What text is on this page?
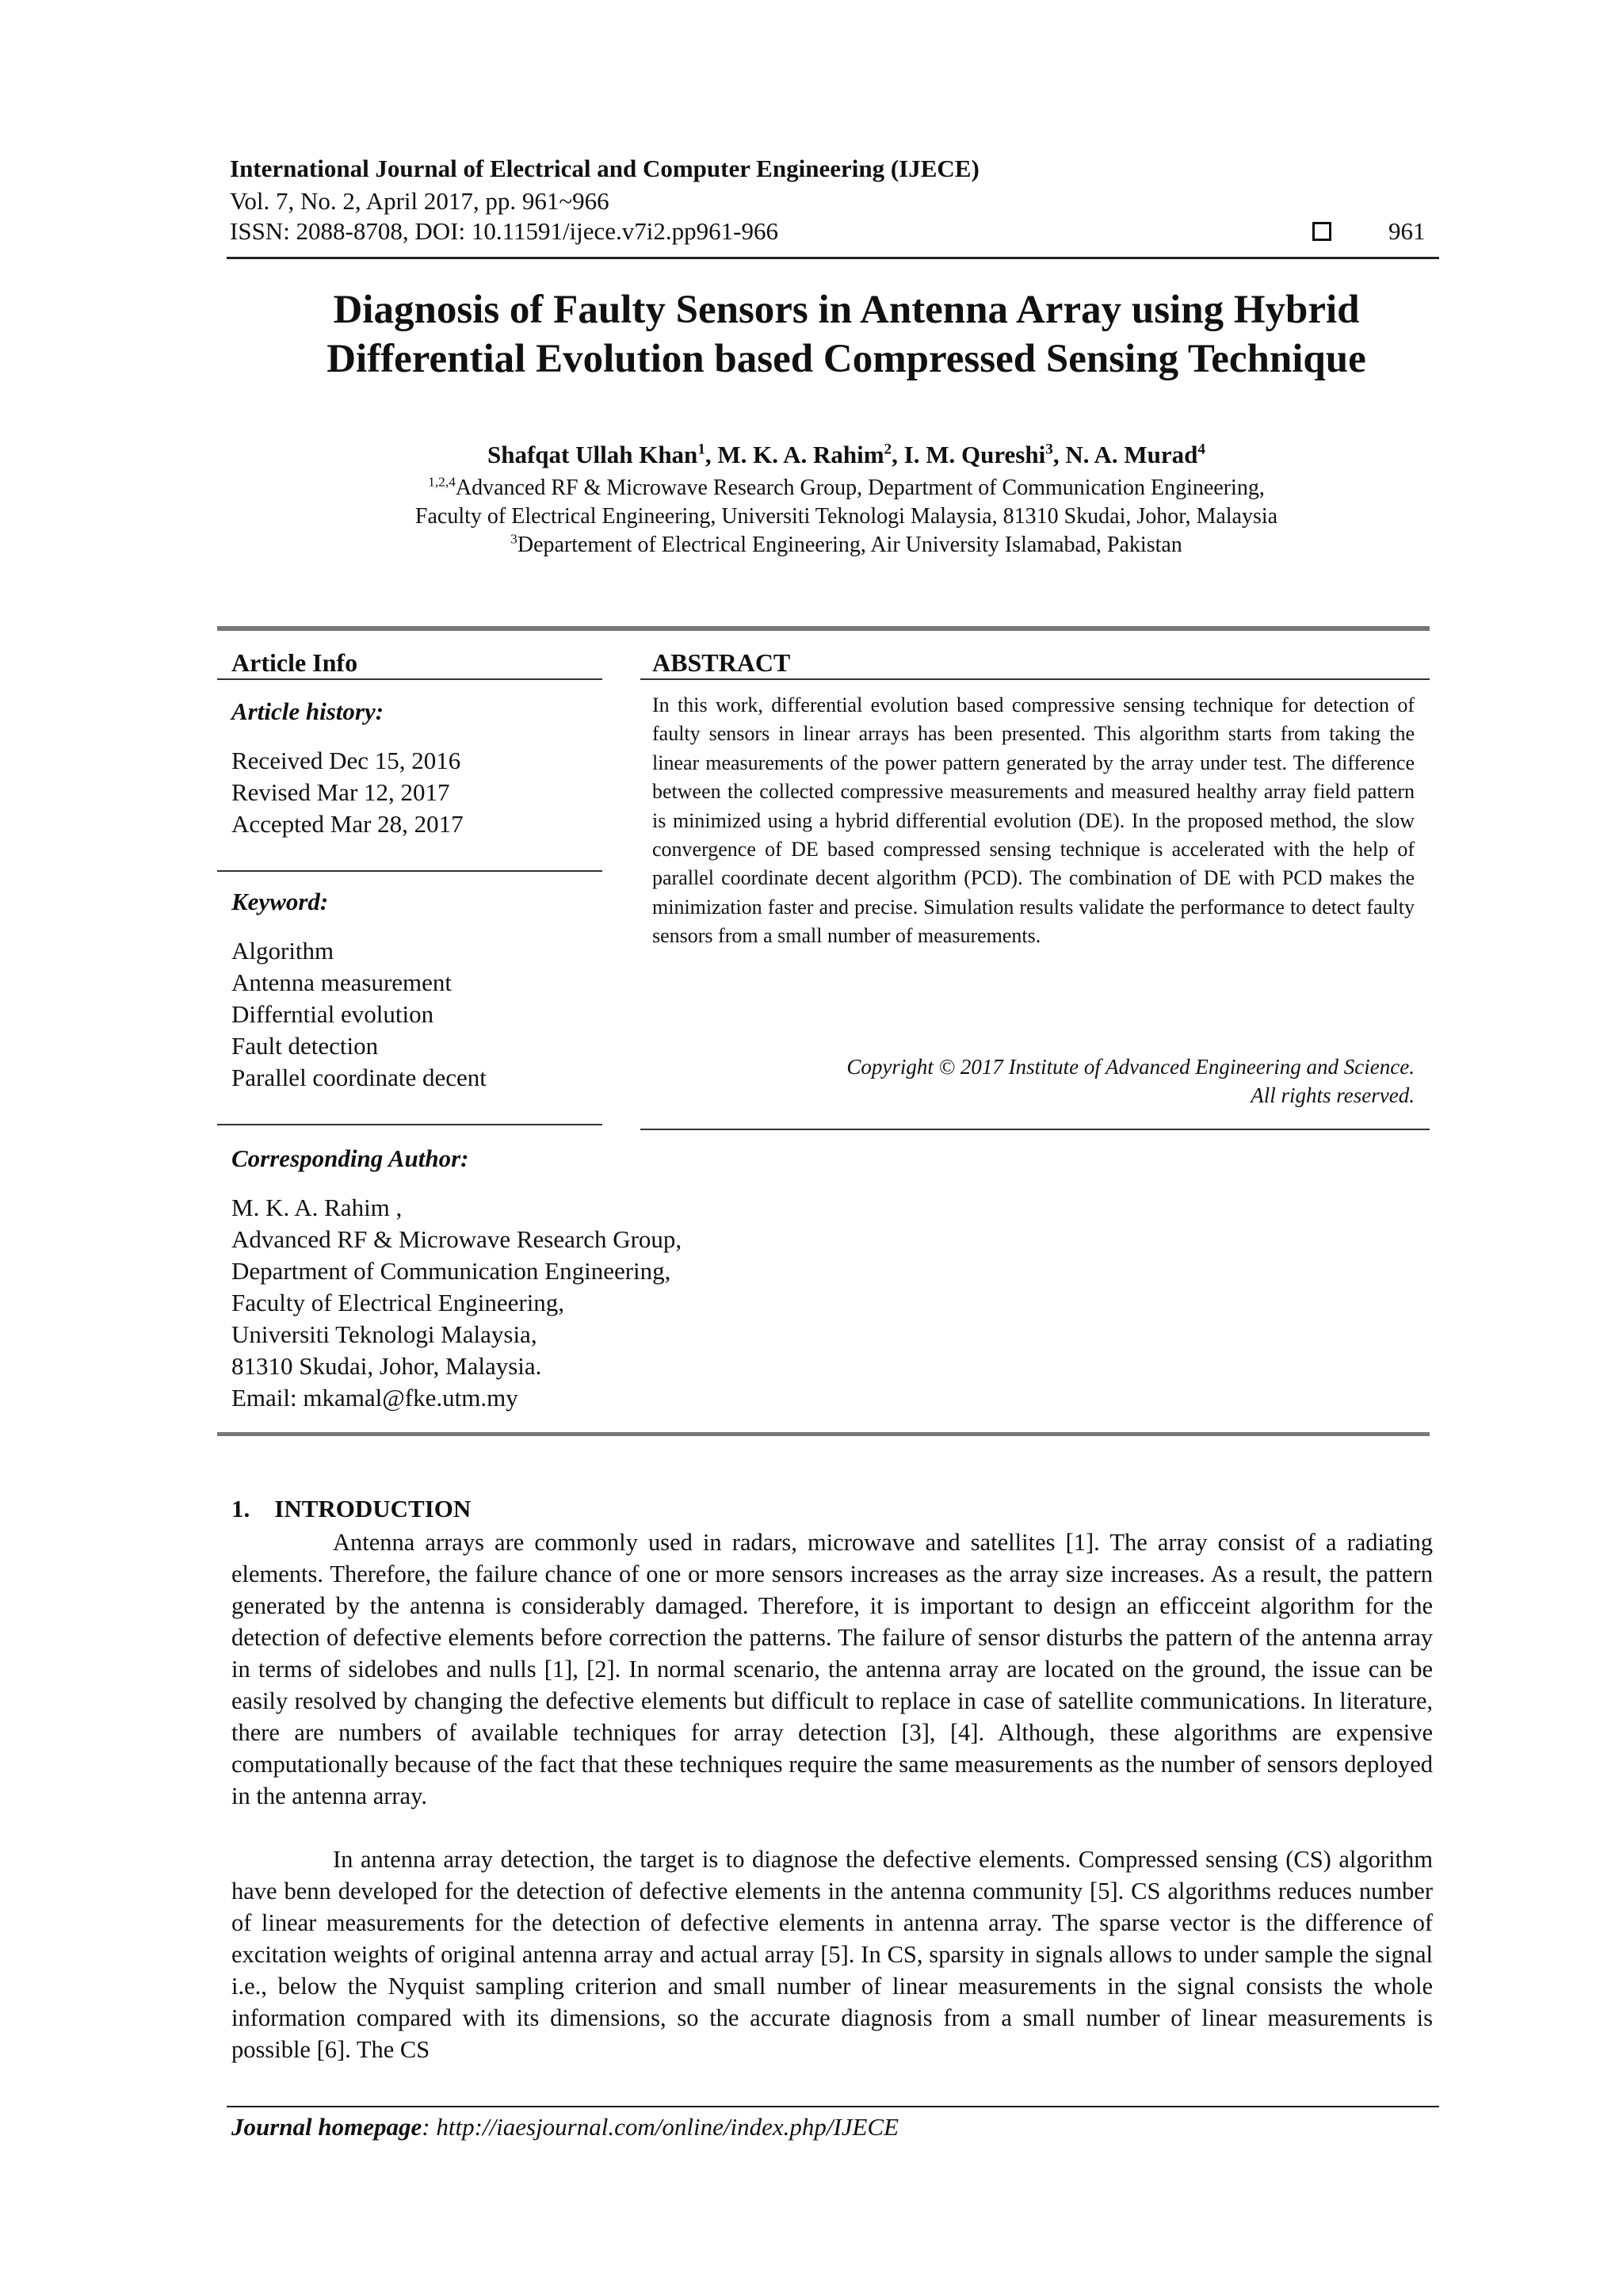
International Journal of Electrical and Computer Engineering (IJECE)
Vol. 7, No. 2, April 2017, pp. 961~966
ISSN: 2088-8708, DOI: 10.11591/ijece.v7i2.pp961-966	961
Diagnosis of Faulty Sensors in Antenna Array using Hybrid
Differential Evolution based Compressed Sensing Technique
Shafqat Ullah Khan$^1$, M. K. A. Rahim$^2$, I. M. Qureshi$^3$, N. A. Murad$^4$
$^{1,2,4}$Advanced RF & Microwave Research Group, Department of Communication Engineering,
Faculty of Electrical Engineering, Universiti Teknologi Malaysia, 81310 Skudai, Johor, Malaysia
$^3$Departement of Electrical Engineering, Air University Islamabad, Pakistan
Article Info
Article history:
Received Dec 15, 2016
Revised Mar 12, 2017
Accepted Mar 28, 2017
Keyword:
Algorithm
Antenna measurement
Differntial evolution
Fault detection
Parallel coordinate decent
Corresponding Author:
M. K. A. Rahim ,
Advanced RF & Microwave Research Group,
Department of Communication Engineering,
Faculty of Electrical Engineering,
Universiti Teknologi Malaysia,
81310 Skudai, Johor, Malaysia.
Email: mkamal@fke.utm.my
ABSTRACT
In this work, differential evolution based compressive sensing technique for detection of faulty sensors in linear arrays has been presented. This algorithm starts from taking the linear measurements of the power pattern generated by the array under test. The difference between the collected compressive measurements and measured healthy array field pattern is minimized using a hybrid differential evolution (DE). In the proposed method, the slow convergence of DE based compressed sensing technique is accelerated with the help of parallel coordinate decent algorithm (PCD). The combination of DE with PCD makes the minimization faster and precise. Simulation results validate the performance to detect faulty sensors from a small number of measurements.
Copyright © 2017 Institute of Advanced Engineering and Science.
All rights reserved.
1.    INTRODUCTION
Antenna arrays are commonly used in radars, microwave and satellites [1]. The array consist of a radiating elements. Therefore, the failure chance of one or more sensors increases as the array size increases. As a result, the pattern generated by the antenna is considerably damaged. Therefore, it is important to design an efficceint algorithm for the detection of defective elements before correction the patterns. The failure of sensor disturbs the pattern of the antenna array in terms of sidelobes and nulls [1], [2]. In normal scenario, the antenna array are located on the ground, the issue can be easily resolved by changing the defective elements but difficult to replace in case of satellite communications. In literature, there are numbers of available techniques for array detection [3], [4]. Although, these algorithms are expensive computationally because of the fact that these techniques require the same measurements as the number of sensors deployed in the antenna array.
In antenna array detection, the target is to diagnose the defective elements. Compressed sensing (CS) algorithm have benn developed for the detection of defective elements in the antenna community [5]. CS algorithms reduces number of linear measurements for the detection of defective elements in antenna array. The sparse vector is the difference of excitation weights of original antenna array and actual array [5]. In CS, sparsity in signals allows to under sample the signal i.e., below the Nyquist sampling criterion and small number of linear measurements in the signal consists the whole information compared with its dimensions, so the accurate diagnosis from a small number of linear measurements is possible [6]. The CS
Journal homepage: http://iaesjournal.com/online/index.php/IJECE
